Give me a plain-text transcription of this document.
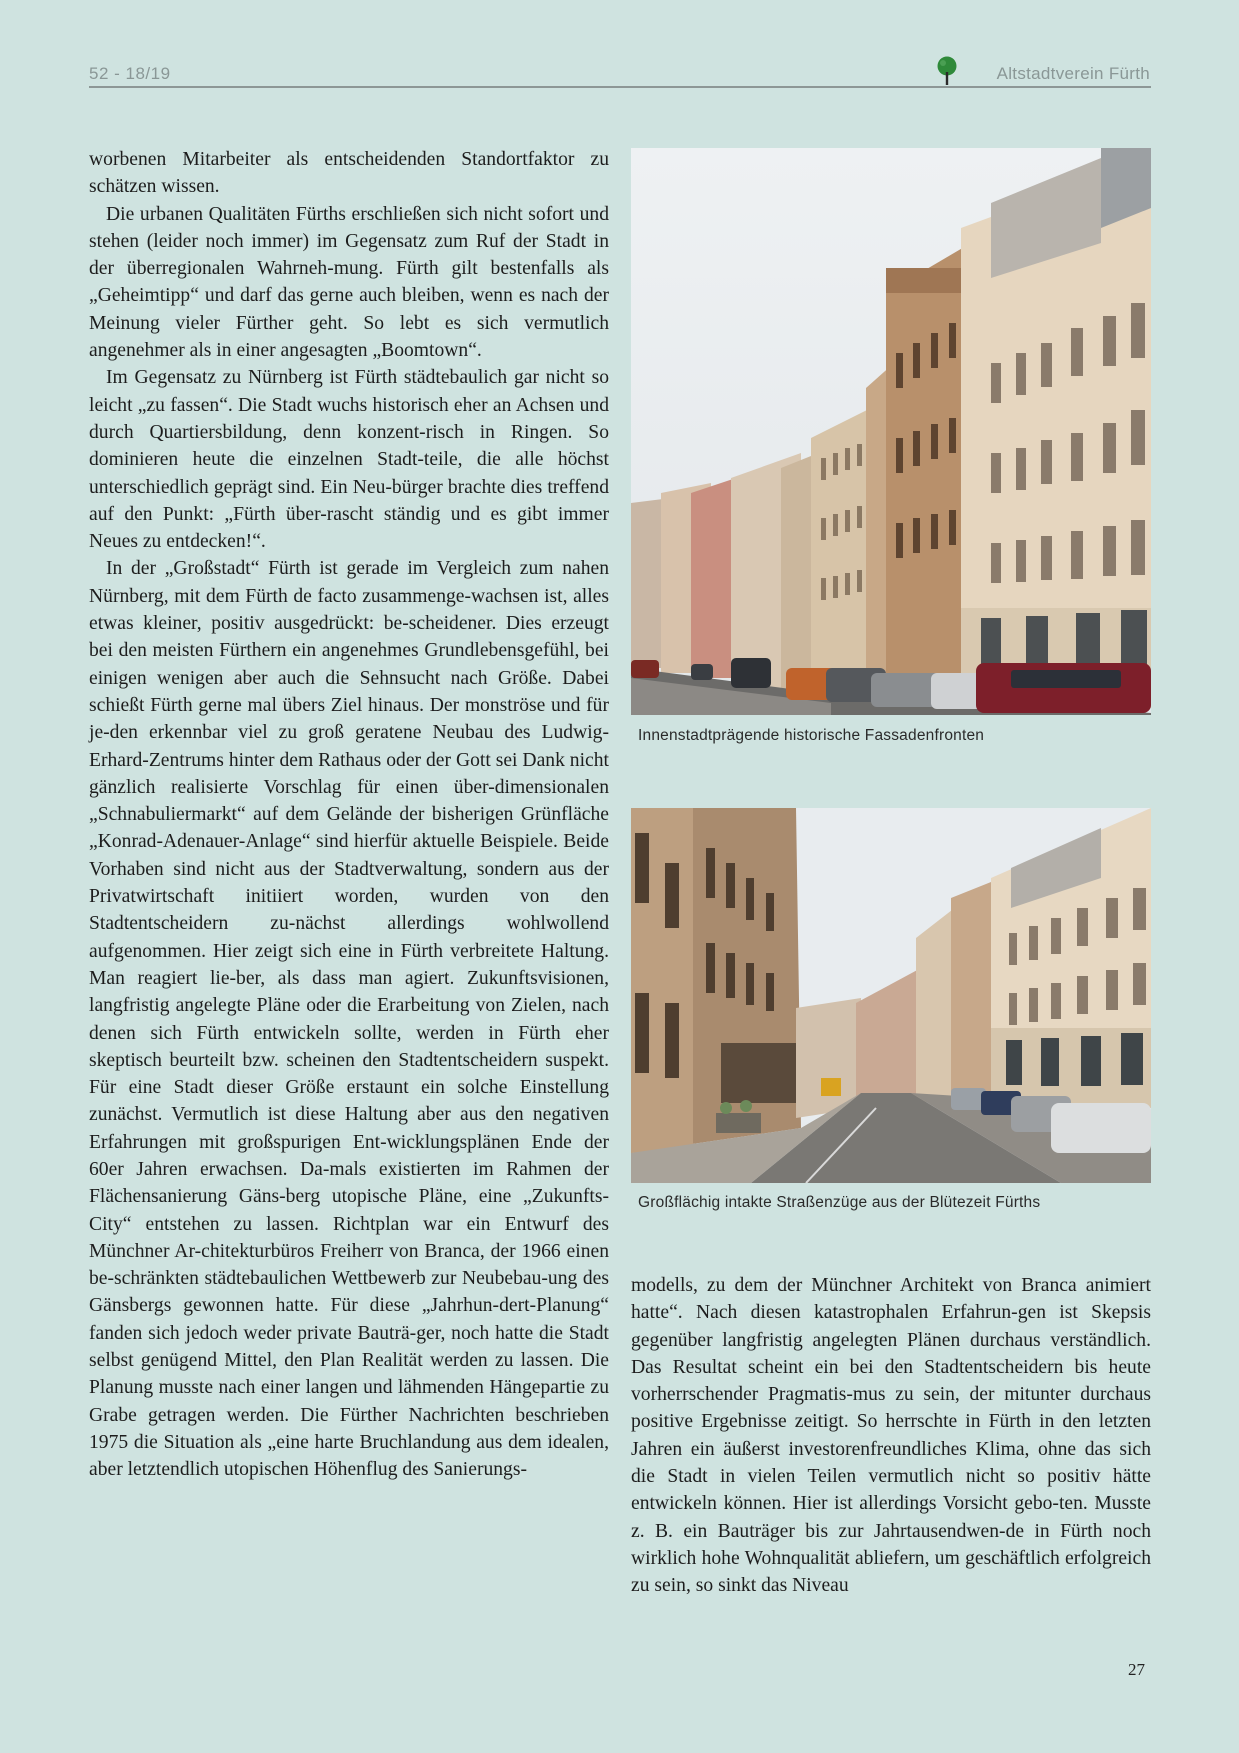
52 - 18/19	Altstadtverein Fürth

worbenen Mitarbeiter als entscheidenden Standortfaktor zu schätzen wissen.

Die urbanen Qualitäten Fürths erschließen sich nicht sofort und stehen (leider noch immer) im Gegensatz zum Ruf der Stadt in der überregionalen Wahrneh-mung. Fürth gilt bestenfalls als „Geheimtipp“ und darf das gerne auch bleiben, wenn es nach der Meinung vieler Fürther geht. So lebt es sich vermutlich angenehmer als in einer angesagten „Boomtown“.

Im Gegensatz zu Nürnberg ist Fürth städtebaulich gar nicht so leicht „zu fassen“. Die Stadt wuchs historisch eher an Achsen und durch Quartiersbildung, denn konzent-risch in Ringen. So dominieren heute die einzelnen Stadt-teile, die alle höchst unterschiedlich geprägt sind. Ein Neu-bürger brachte dies treffend auf den Punkt: „Fürth über-rascht ständig und es gibt immer Neues zu entdecken!“.

In der „Großstadt“ Fürth ist gerade im Vergleich zum nahen Nürnberg, mit dem Fürth de facto zusammenge-wachsen ist, alles etwas kleiner, positiv ausgedrückt: be-scheidener. Dies erzeugt bei den meisten Fürthern ein angenehmes Grundlebensgefühl, bei einigen wenigen aber auch die Sehnsucht nach Größe. Dabei schießt Fürth gerne mal übers Ziel hinaus. Der monströse und für je-den erkennbar viel zu groß geratene Neubau des Ludwig-Erhard-Zentrums hinter dem Rathaus oder der Gott sei Dank nicht gänzlich realisierte Vorschlag für einen über-dimensionalen „Schnabuliermarkt“ auf dem Gelände der bisherigen Grünfläche „Konrad-Adenauer-Anlage“ sind hierfür aktuelle Beispiele. Beide Vorhaben sind nicht aus der Stadtverwaltung, sondern aus der Privatwirtschaft initiiert worden, wurden von den Stadtentscheidern zu-nächst allerdings wohlwollend aufgenommen. Hier zeigt sich eine in Fürth verbreitete Haltung. Man reagiert lie-ber, als dass man agiert. Zukunftsvisionen, langfristig angelegte Pläne oder die Erarbeitung von Zielen, nach denen sich Fürth entwickeln sollte, werden in Fürth eher skeptisch beurteilt bzw. scheinen den Stadtentscheidern suspekt. Für eine Stadt dieser Größe erstaunt ein solche Einstellung zunächst. Vermutlich ist diese Haltung aber aus den negativen Erfahrungen mit großspurigen Ent-wicklungsplänen Ende der 60er Jahren erwachsen. Da-mals existierten im Rahmen der Flächensanierung Gäns-berg utopische Pläne, eine „Zukunfts-City“ entstehen zu lassen. Richtplan war ein Entwurf des Münchner Ar-chitekturbüros Freiherr von Branca, der 1966 einen be-schränkten städtebaulichen Wettbewerb zur Neubebau-ung des Gänsbergs gewonnen hatte. Für diese „Jahrhun-dert-Planung“ fanden sich jedoch weder private Bauträ-ger, noch hatte die Stadt selbst genügend Mittel, den Plan Realität werden zu lassen. Die Planung musste nach einer langen und lähmenden Hängepartie zu Grabe getragen werden. Die Fürther Nachrichten beschrieben 1975 die Situation als „eine harte Bruchlandung aus dem idealen, aber letztendlich utopischen Höhenflug des Sanierungs-

Innenstadtprägende historische Fassadenfronten
Großflächig intakte Straßenzüge aus der Blütezeit Fürths

modells, zu dem der Münchner Architekt von Branca animiert hatte“. Nach diesen katastrophalen Erfahrun-gen ist Skepsis gegenüber langfristig angelegten Plänen durchaus verständlich. Das Resultat scheint ein bei den Stadtentscheidern bis heute vorherrschender Pragmatis-mus zu sein, der mitunter durchaus positive Ergebnisse zeitigt. So herrschte in Fürth in den letzten Jahren ein äußerst investorenfreundliches Klima, ohne das sich die Stadt in vielen Teilen vermutlich nicht so positiv hätte entwickeln können. Hier ist allerdings Vorsicht gebo-ten. Musste z. B. ein Bauträger bis zur Jahrtausendwen-de in Fürth noch wirklich hohe Wohnqualität abliefern, um geschäftlich erfolgreich zu sein, so sinkt das Niveau

27
